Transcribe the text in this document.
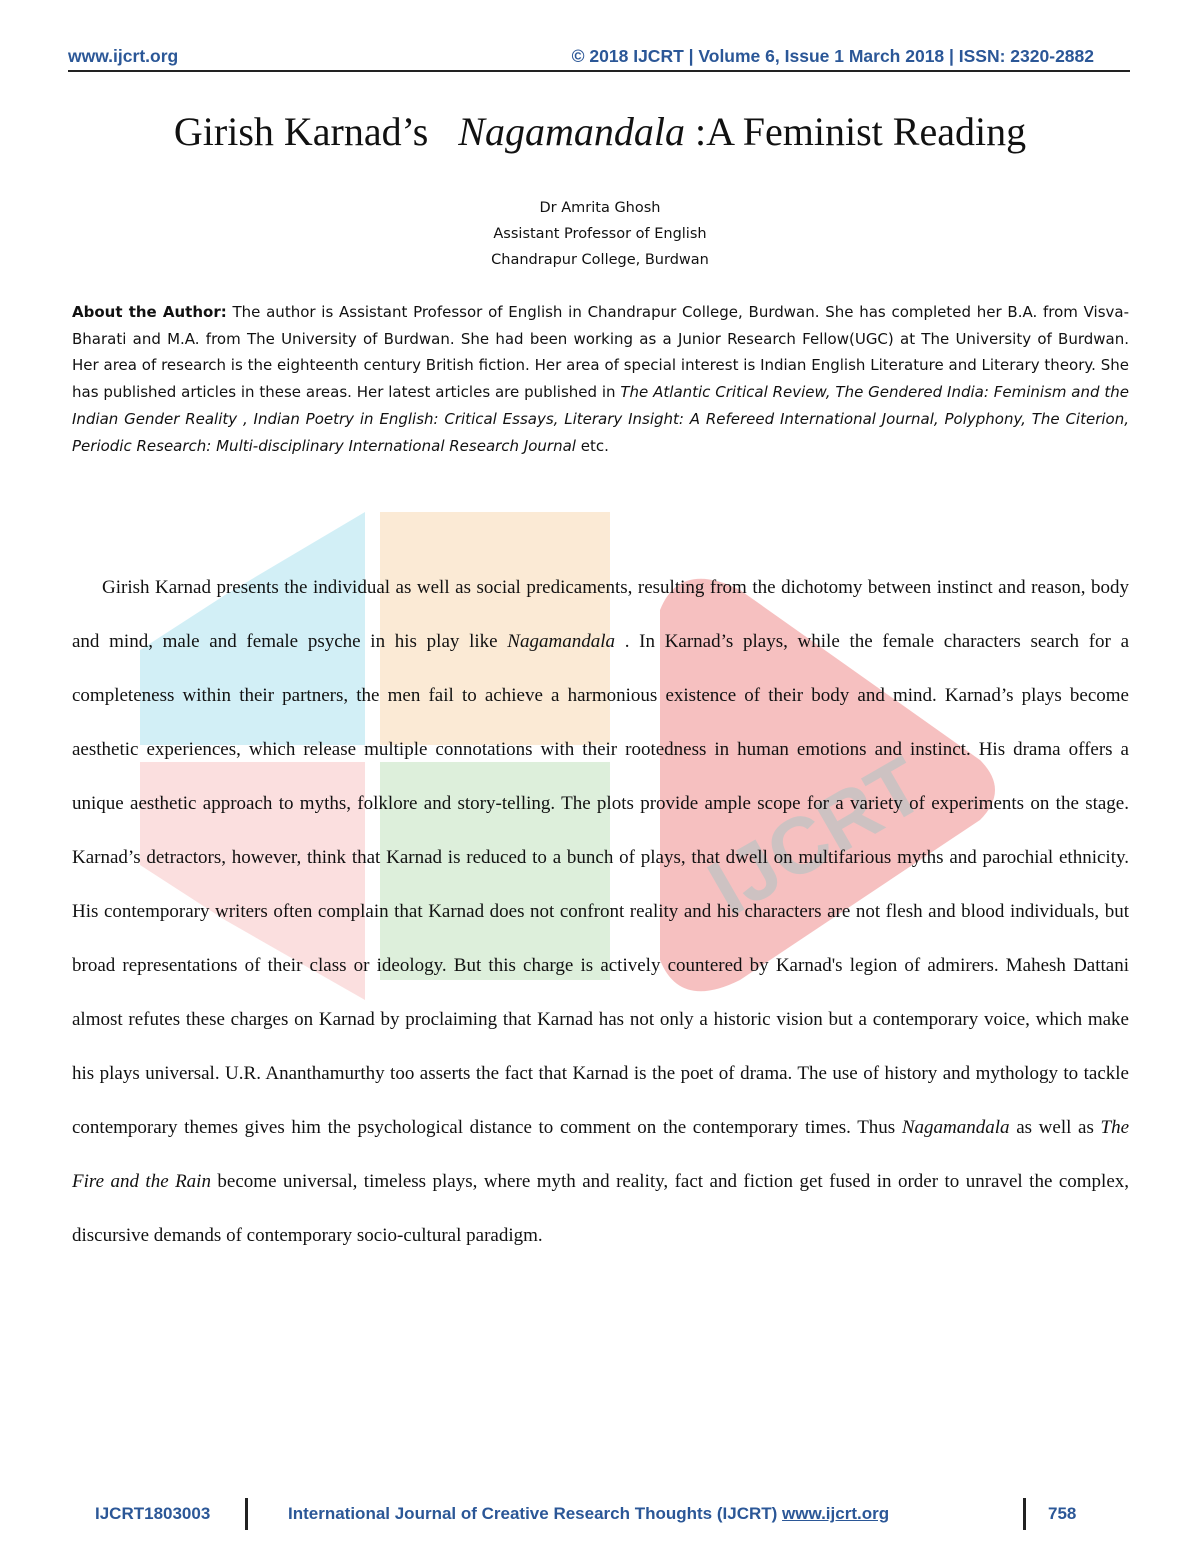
www.ijcrt.org	© 2018 IJCRT | Volume 6, Issue 1 March 2018 | ISSN: 2320-2882
IJCRT
Girish Karnad’s Nagamandala :A Feminist Reading
Dr Amrita Ghosh
Assistant Professor of English
Chandrapur College, Burdwan
About the Author: The author is Assistant Professor of English in Chandrapur College, Burdwan. She has completed her B.A. from Visva-Bharati and M.A. from The University of Burdwan. She had been working as a Junior Research Fellow(UGC) at The University of Burdwan. Her area of research is the eighteenth century British fiction. Her area of special interest is Indian English Literature and Literary theory. She has published articles in these areas. Her latest articles are published in The Atlantic Critical Review, The Gendered India: Feminism and the Indian Gender Reality , Indian Poetry in English: Critical Essays, Literary Insight: A Refereed International Journal, Polyphony, The Citerion, Periodic Research: Multi-disciplinary International Research Journal etc.
Girish Karnad presents the individual as well as social predicaments, resulting from the dichotomy between instinct and reason, body and mind, male and female psyche in his play like Nagamandala . In Karnad’s plays, while the female characters search for a completeness within their partners, the men fail to achieve a harmonious existence of their body and mind. Karnad’s plays become aesthetic experiences, which release multiple connotations with their rootedness in human emotions and instinct. His drama offers a unique aesthetic approach to myths, folklore and story-telling. The plots provide ample scope for a variety of experiments on the stage. Karnad’s detractors, however, think that Karnad is reduced to a bunch of plays, that dwell on multifarious myths and parochial ethnicity. His contemporary writers often complain that Karnad does not confront reality and his characters are not flesh and blood individuals, but broad representations of their class or ideology. But this charge is actively countered by Karnad's legion of admirers. Mahesh Dattani almost refutes these charges on Karnad by proclaiming that Karnad has not only a historic vision but a contemporary voice, which make his plays universal. U.R. Ananthamurthy too asserts the fact that Karnad is the poet of drama. The use of history and mythology to tackle contemporary themes gives him the psychological distance to comment on the contemporary times. Thus Nagamandala as well as The Fire and the Rain become universal, timeless plays, where myth and reality, fact and fiction get fused in order to unravel the complex, discursive demands of contemporary socio-cultural paradigm.
IJCRT1803003	International Journal of Creative Research Thoughts (IJCRT) www.ijcrt.org	758
